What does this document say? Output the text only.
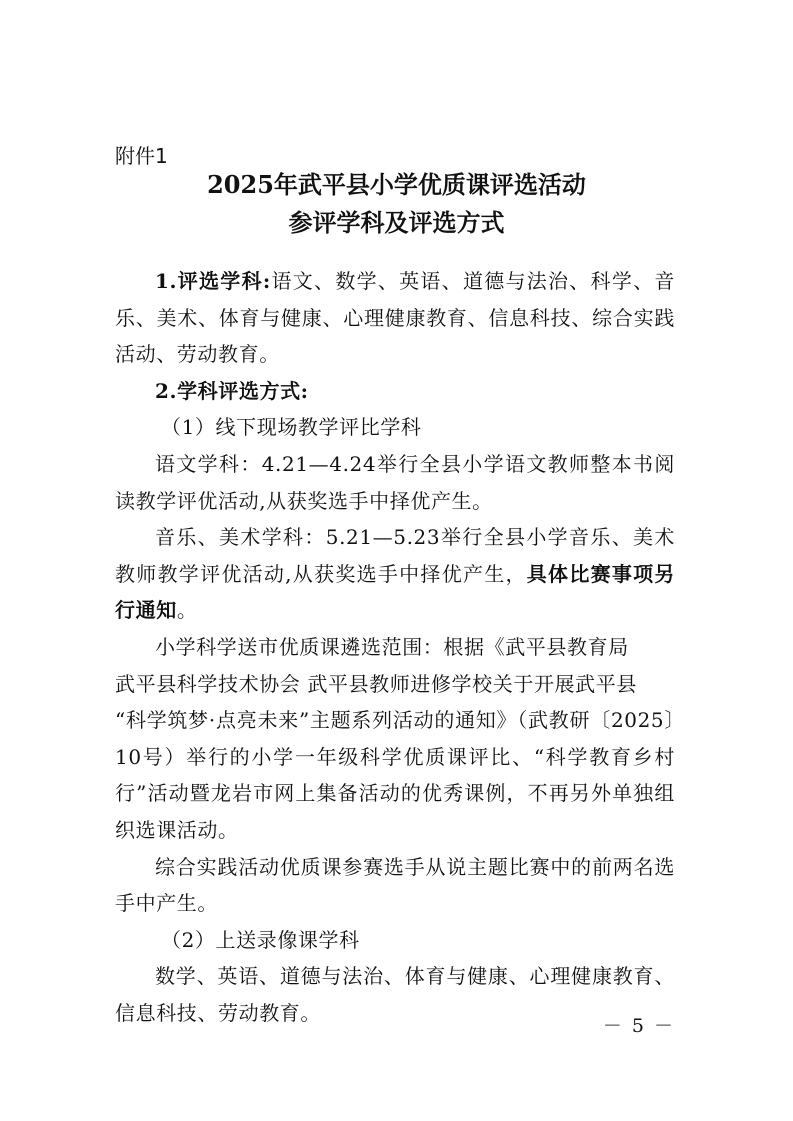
附件1
2025年武平县小学优质课评选活动
参评学科及评选方式

1.评选学科:语文、数学、英语、道德与法治、科学、音乐、美术、体育与健康、心理健康教育、信息科技、综合实践活动、劳动教育。

2.学科评选方式:

（1）线下现场教学评比学科

语文学科：4.21—4.24举行全县小学语文教师整本书阅读教学评优活动,从获奖选手中择优产生。

音乐、美术学科：5.21—5.23举行全县小学音乐、美术教师教学评优活动,从获奖选手中择优产生，具体比赛事项另行通知。

小学科学送市优质课遴选范围：根据《武平县教育局

武平县科学技术协会 武平县教师进修学校关于开展武平县

“科学筑梦·点亮未来”主题系列活动的通知》（武教研〔2025〕10号）举行的小学一年级科学优质课评比、“科学教育乡村行”活动暨龙岩市网上集备活动的优秀课例，不再另外单独组织选课活动。

综合实践活动优质课参赛选手从说主题比赛中的前两名选手中产生。

（2）上送录像课学科

数学、英语、道德与法治、体育与健康、心理健康教育、信息科技、劳动教育。

－ 5 －
